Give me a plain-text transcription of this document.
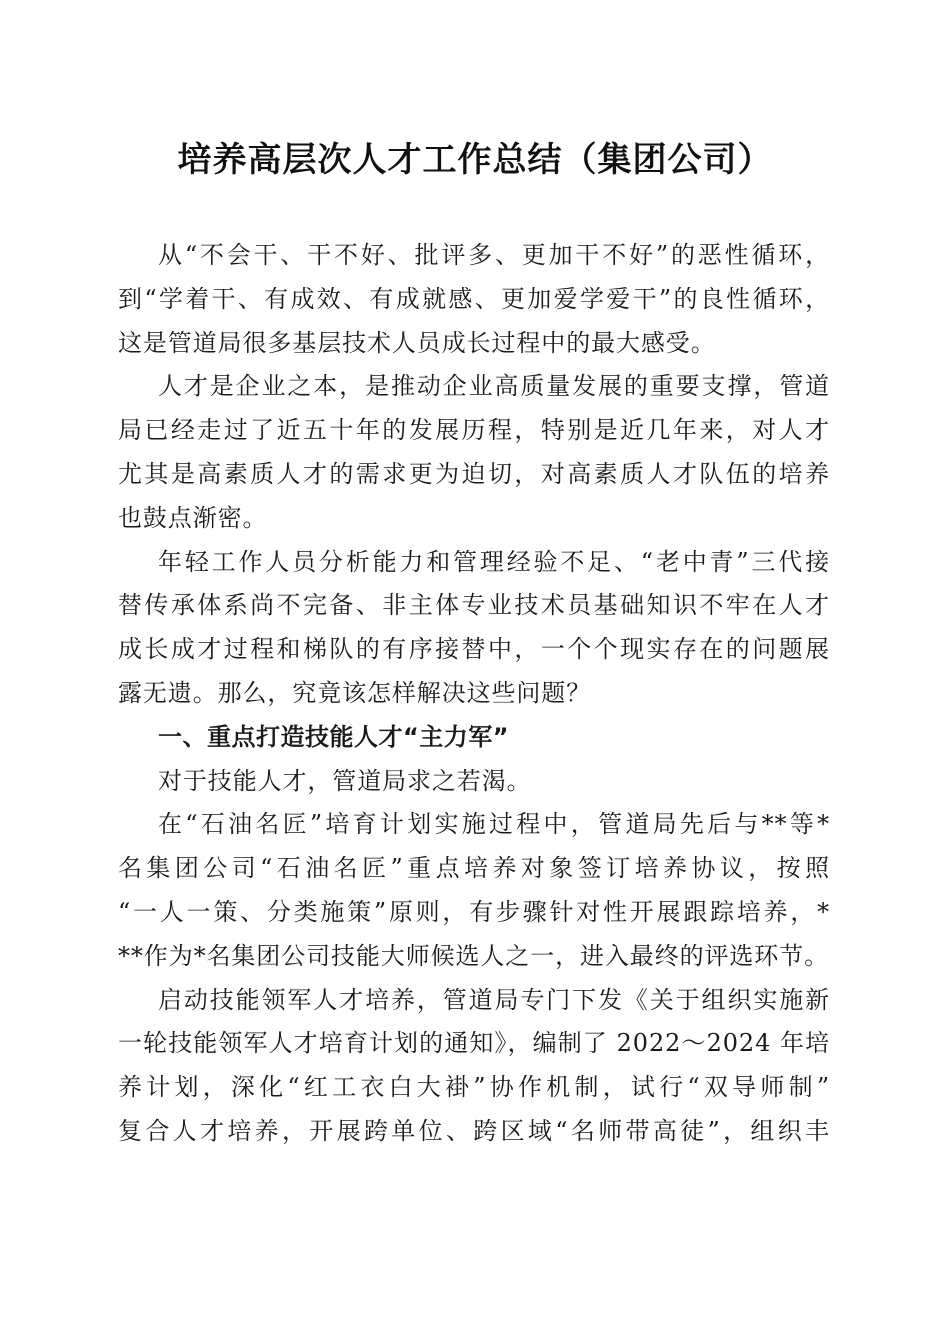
培养高层次人才工作总结（集团公司）
从“不会干、干不好、批评多、更加干不好”的恶性循环，
到“学着干、有成效、有成就感、更加爱学爱干”的良性循环，
这是管道局很多基层技术人员成长过程中的最大感受。
人才是企业之本，是推动企业高质量发展的重要支撑，管道
局已经走过了近五十年的发展历程，特别是近几年来，对人才
尤其是高素质人才的需求更为迫切，对高素质人才队伍的培养
也鼓点渐密。
年轻工作人员分析能力和管理经验不足、“老中青”三代接
替传承体系尚不完备、非主体专业技术员基础知识不牢在人才
成长成才过程和梯队的有序接替中，一个个现实存在的问题展
露无遗。那么，究竟该怎样解决这些问题？
一、重点打造技能人才“主力军”
对于技能人才，管道局求之若渴。
在“石油名匠”培育计划实施过程中，管道局先后与**等*
名集团公司“石油名匠”重点培养对象签订培养协议，按照
“一人一策、分类施策”原则，有步骤针对性开展跟踪培养，*
**作为*名集团公司技能大师候选人之一，进入最终的评选环节。
启动技能领军人才培养，管道局专门下发《关于组织实施新
一轮技能领军人才培育计划的通知》，编制了 2022～2024 年培
养计划，深化“红工衣白大褂”协作机制，试行“双导师制”
复合人才培养，开展跨单位、跨区域“名师带高徒”，组织丰
